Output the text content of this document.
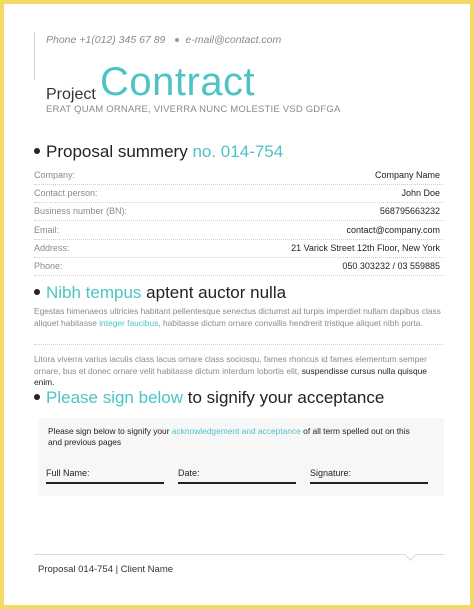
Phone +1(012) 345 67 89 e-mail@contact.com
Contract
Project
ERAT QUAM ORNARE, VIVERRA NUNC MOLESTIE VSD GDFGA
Proposal summery no. 014-754
Company:	Company Name
Contact person:	John Doe
Business number (BN):	568795663232
Email:	contact@company.com
Address:	21 Varick Street 12th Floor, New York
Phone:	050 303232 / 03 559885
Nibh tempus aptent auctor nulla
Egestas himenaeos ultricies habitant pellentesque senectus dictumst ad turpis imperdiet nullam dapibus class aliquet habitasse integer faucibus, habitasse dictum ornare convallis hendrerit tristique aliquet nibh porta.
Litora viverra varius iaculis class lacus ornare class sociosqu, fames rhoncus id fames elementum semper ornare, bus et donec ornare velit habitasse dictum interdum lobortis elit, suspendisse cursus nulla quisque enim.
Please sign below to signify your acceptance
Please sign below to signify your acknowledgement and acceptance of all term spelled out on this and previous pages
Full Name:	Date:	Signature:
Proposal 014-754 | Client Name
